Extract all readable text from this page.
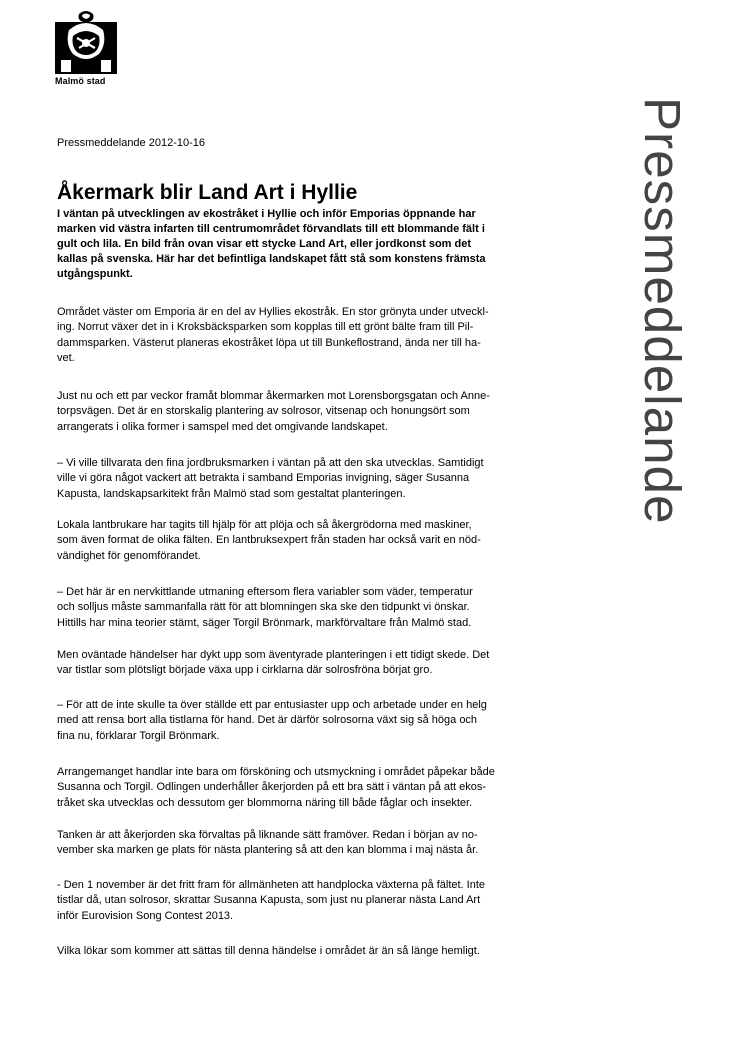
Malmö stad
Pressmeddelande 2012-10-16
Åkermark blir Land Art i Hyllie
I väntan på utvecklingen av ekostråket i Hyllie och inför Emporias öppnande har
marken vid västra infarten till centrumområdet förvandlats till ett blommande fält i
gult och lila. En bild från ovan visar ett stycke Land Art, eller jordkonst som det
kallas på svenska. Här har det befintliga landskapet fått stå som konstens främsta
utgångspunkt.
Området väster om Emporia är en del av Hyllies ekostråk. En stor grönyta under utveckl-
ing. Norrut växer det in i Kroksbäcksparken som kopplas till ett grönt bälte fram till Pil-
dammsparken. Västerut planeras ekostråket löpa ut till Bunkeflostrand, ända ner till ha-
vet.
Just nu och ett par veckor framåt blommar åkermarken mot Lorensborgsgatan och Anne-
torpsvägen. Det är en storskalig plantering av solrosor, vitsenap och honungsört som
arrangerats i olika former i samspel med det omgivande landskapet.
– Vi ville tillvarata den fina jordbruksmarken i väntan på att den ska utvecklas. Samtidigt
ville vi göra något vackert att betrakta i samband Emporias invigning, säger Susanna
Kapusta, landskapsarkitekt från Malmö stad som gestaltat planteringen.
Lokala lantbrukare har tagits till hjälp för att plöja och så åkergrödorna med maskiner,
som även format de olika fälten. En lantbruksexpert från staden har också varit en nöd-
vändighet för genomförandet.
– Det här är en nervkittlande utmaning eftersom flera variabler som väder, temperatur
och solljus måste sammanfalla rätt för att blomningen ska ske den tidpunkt vi önskar.
Hittills har mina teorier stämt, säger Torgil Brönmark, markförvaltare från Malmö stad.
Men oväntade händelser har dykt upp som äventyrade planteringen i ett tidigt skede. Det
var tistlar som plötsligt började växa upp i cirklarna där solrosfröna börjat gro.
– För att de inte skulle ta över ställde ett par entusiaster upp och arbetade under en helg
med att rensa bort alla tistlarna för hand. Det är därför solrosorna växt sig så höga och
fina nu, förklarar Torgil Brönmark.
Arrangemanget handlar inte bara om försköning och utsmyckning i området påpekar både
Susanna och Torgil. Odlingen underhåller åkerjorden på ett bra sätt i väntan på att ekos-
tråket ska utvecklas och dessutom ger blommorna näring till både fåglar och insekter.
Tanken är att åkerjorden ska förvaltas på liknande sätt framöver. Redan i början av no-
vember ska marken ge plats för nästa plantering så att den kan blomma i maj nästa år.
- Den 1 november är det fritt fram för allmänheten att handplocka växterna på fältet. Inte
tistlar då, utan solrosor, skrattar Susanna Kapusta, som just nu planerar nästa Land Art
inför Eurovision Song Contest 2013.
Vilka lökar som kommer att sättas till denna händelse i området är än så länge hemligt.
Pressmeddelande
